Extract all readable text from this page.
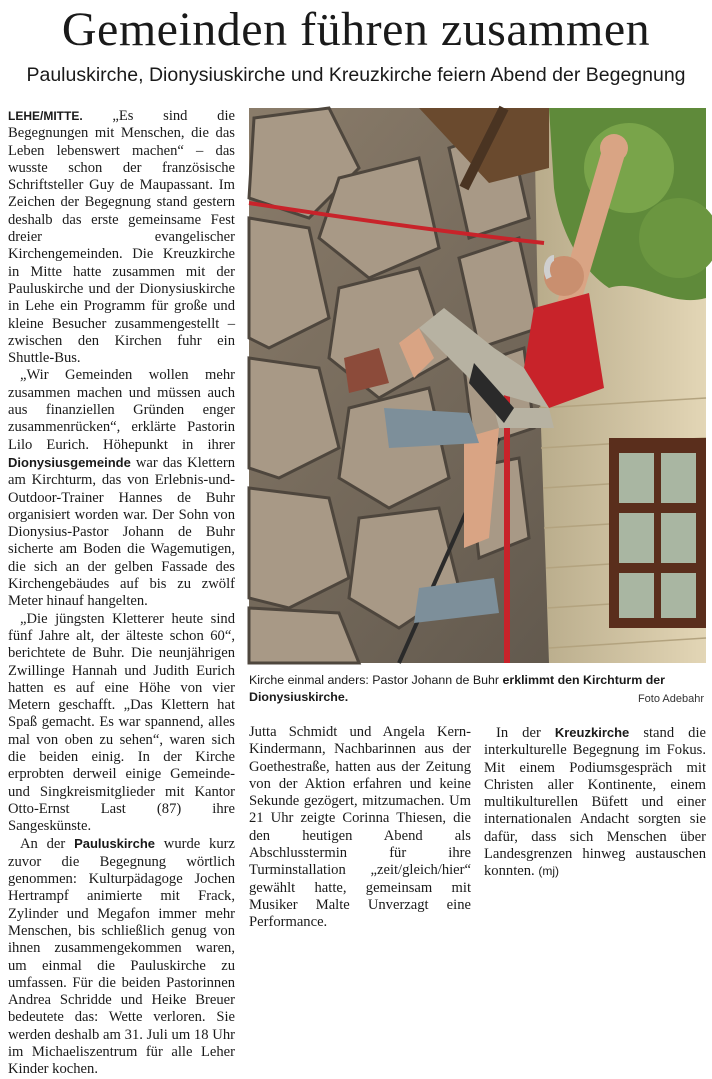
Gemeinden führen zusammen
Pauluskirche, Dionysiuskirche und Kreuzkirche feiern Abend der Begegnung
Kirche einmal anders: Pastor Johann de Buhr erklimmt den Kirchturm der Dionysiuskirche.	Foto Adebahr

LEHE/MITTE. „Es sind die Begegnungen mit Menschen, die das Leben lebenswert machen“ – das wusste schon der französische Schriftsteller Guy de Maupassant. Im Zeichen der Begegnung stand gestern deshalb das erste gemeinsame Fest dreier evangelischer Kirchengemeinden. Die Kreuzkirche in Mitte hatte zusammen mit der Pauluskirche und der Dionysiuskirche in Lehe ein Programm für große und kleine Besucher zusammengestellt – zwischen den Kirchen fuhr ein Shuttle-Bus.

„Wir Gemeinden wollen mehr zusammen machen und müssen auch aus finanziellen Gründen enger zusammenrücken“, erklärte Pastorin Lilo Eurich. Höhepunkt in ihrer Dionysiusgemeinde war das Klettern am Kirchturm, das von Erlebnis-und-Outdoor-Trainer Hannes de Buhr organisiert worden war. Der Sohn von Dionysius-Pastor Johann de Buhr sicherte am Boden die Wagemutigen, die sich an der gelben Fassade des Kirchengebäudes auf bis zu zwölf Meter hinauf hangelten.

„Die jüngsten Kletterer heute sind fünf Jahre alt, der älteste schon 60“, berichtete de Buhr. Die neunjährigen Zwillinge Hannah und Judith Eurich hatten es auf eine Höhe von vier Metern geschafft. „Das Klettern hat Spaß gemacht. Es war spannend, alles mal von oben zu sehen“, waren sich die beiden einig. In der Kirche erprobten derweil einige Gemeinde- und Singkreismitglieder mit Kantor Otto-Ernst Last (87) ihre Sangeskünste.

An der Pauluskirche wurde kurz zuvor die Begegnung wörtlich genommen: Kulturpädagoge Jochen Hertrampf animierte mit Frack, Zylinder und Megafon immer mehr Menschen, bis schließlich genug von ihnen zusammengekommen waren, um einmal die Pauluskirche zu umfassen. Für die beiden Pastorinnen Andrea Schridde und Heike Breuer bedeutete das: Wette verloren. Sie werden deshalb am 31. Juli um 18 Uhr im Michaeliszentrum für alle Leher Kinder kochen.

Jutta Schmidt und Angela Kern-Kindermann, Nachbarinnen aus der Goethestraße, hatten aus der Zeitung von der Aktion erfahren und keine Sekunde gezögert, mitzumachen. Um 21 Uhr zeigte Corinna Thiesen, die den heutigen Abend als Abschlusstermin für ihre Turminstallation „zeit/gleich/hier“ gewählt hatte, gemeinsam mit Musiker Malte Unverzagt eine Performance.

In der Kreuzkirche stand die interkulturelle Begegnung im Fokus. Mit einem Podiumsgespräch mit Christen aller Kontinente, einem multikulturellen Büfett und einer internationalen Andacht sorgten sie dafür, dass sich Menschen über Landesgrenzen hinweg austauschen konnten. (mj)
